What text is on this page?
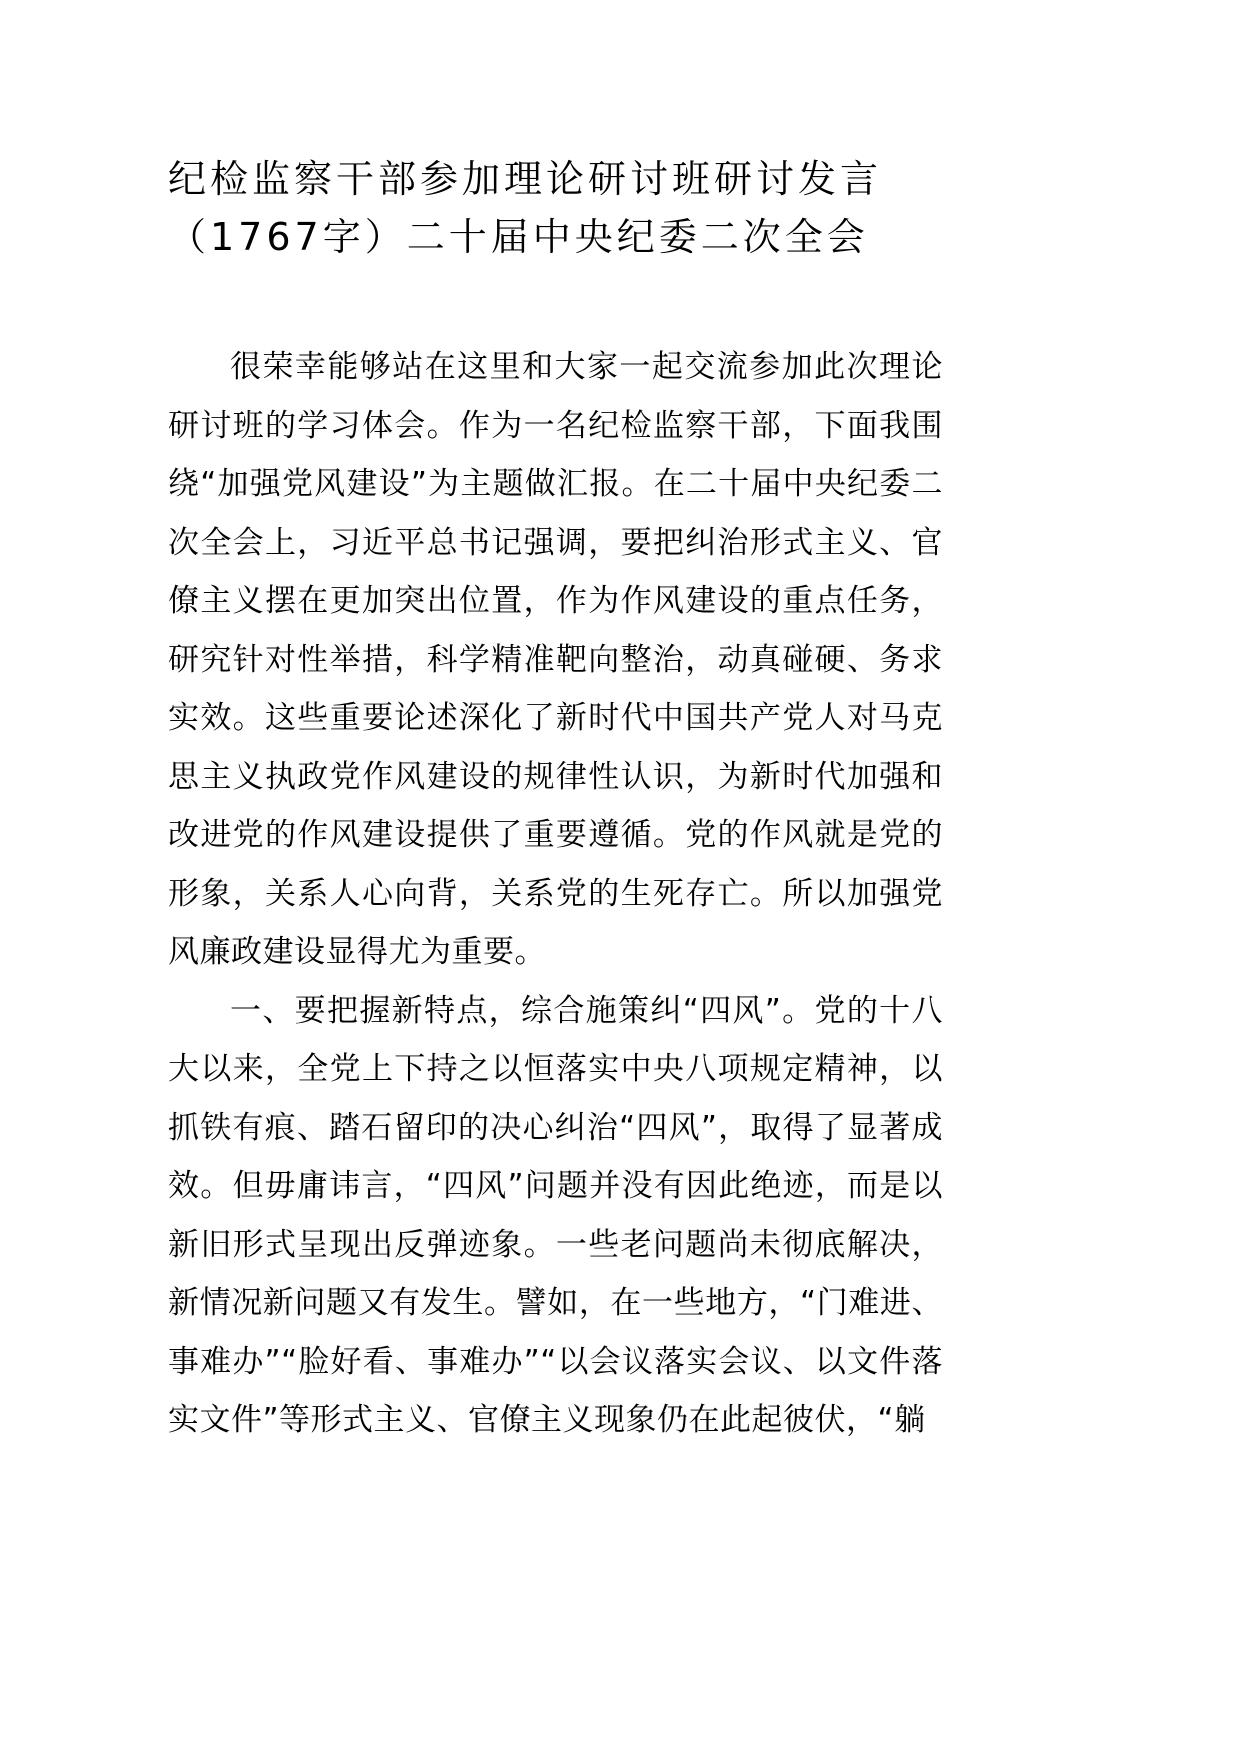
纪检监察干部参加理论研讨班研讨发言
（1767字）二十届中央纪委二次全会

很荣幸能够站在这里和大家一起交流参加此次理论研讨班的学习体会。作为一名纪检监察干部，下面我围绕“加强党风建设”为主题做汇报。在二十届中央纪委二次全会上，习近平总书记强调，要把纠治形式主义、官僚主义摆在更加突出位置，作为作风建设的重点任务，研究针对性举措，科学精准靶向整治，动真碰硬、务求实效。这些重要论述深化了新时代中国共产党人对马克思主义执政党作风建设的规律性认识，为新时代加强和改进党的作风建设提供了重要遵循。党的作风就是党的形象，关系人心向背，关系党的生死存亡。所以加强党风廉政建设显得尤为重要。

一、要把握新特点，综合施策纠“四风”。党的十八大以来，全党上下持之以恒落实中央八项规定精神，以抓铁有痕、踏石留印的决心纠治“四风”，取得了显著成效。但毋庸讳言，“四风”问题并没有因此绝迹，而是以新旧形式呈现出反弹迹象。一些老问题尚未彻底解决，新情况新问题又有发生。譬如，在一些地方，“门难进、事难办”“脸好看、事难办”“以会议落实会议、以文件落实文件”等形式主义、官僚主义现象仍在此起彼伏，“躺
